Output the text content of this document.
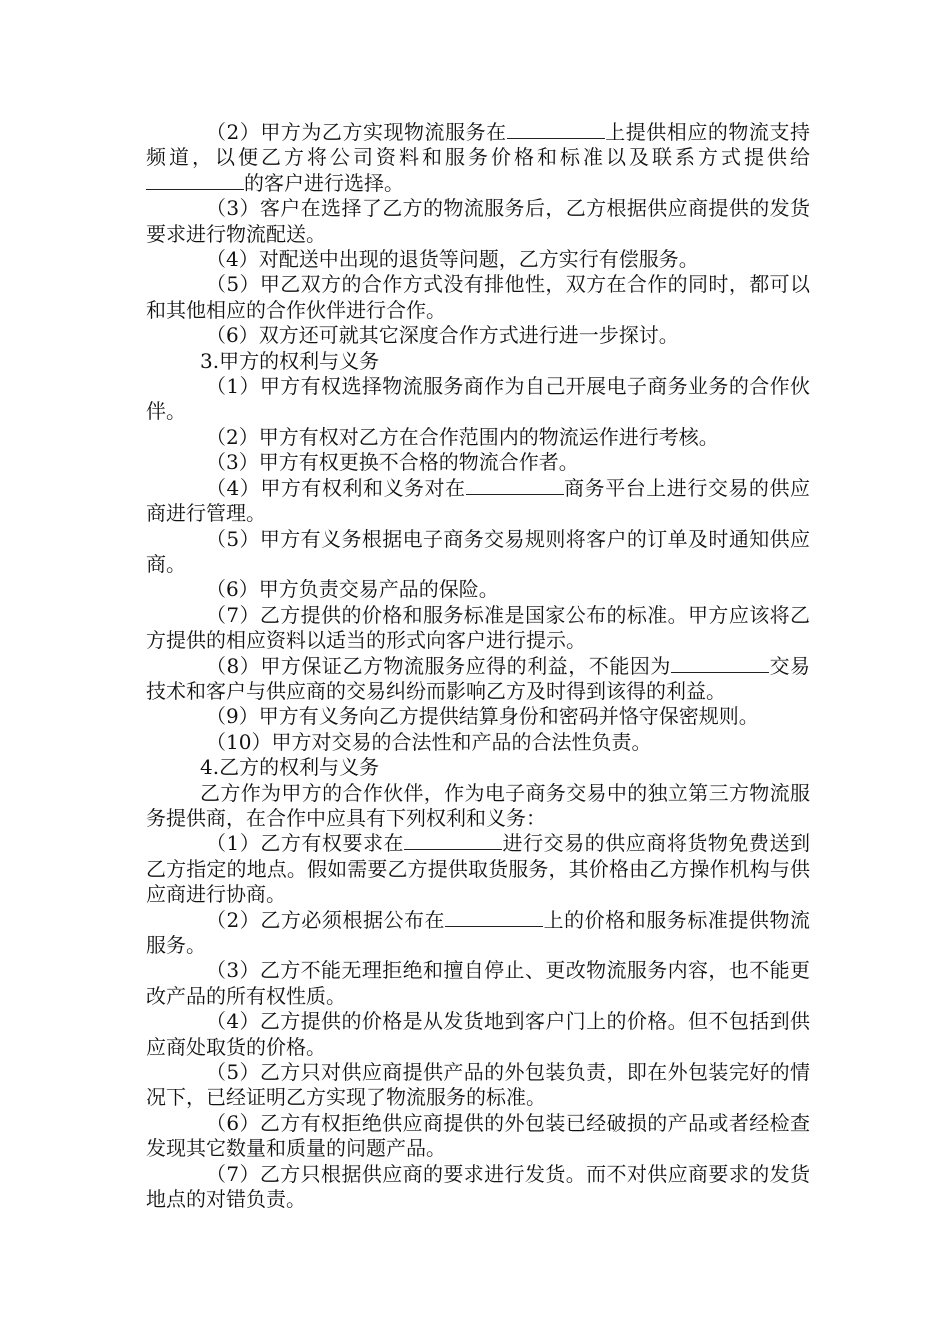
（2）甲方为乙方实现物流服务在	上提供相应的物流支持频道，以便乙方将公司资料和服务价格和标准以及联系方式提供给的客户进行选择。

（3）客户在选择了乙方的物流服务后，乙方根据供应商提供的发货要求进行物流配送。

（4）对配送中出现的退货等问题，乙方实行有偿服务。

（5）甲乙双方的合作方式没有排他性，双方在合作的同时，都可以和其他相应的合作伙伴进行合作。

（6）双方还可就其它深度合作方式进行进一步探讨。

3.甲方的权利与义务

（1）甲方有权选择物流服务商作为自己开展电子商务业务的合作伙伴。

（2）甲方有权对乙方在合作范围内的物流运作进行考核。

（3）甲方有权更换不合格的物流合作者。

（4）甲方有权利和义务对在	商务平台上进行交易的供应商进行管理。

（5）甲方有义务根据电子商务交易规则将客户的订单及时通知供应商。

（6）甲方负责交易产品的保险。

（7）乙方提供的价格和服务标准是国家公布的标准。甲方应该将乙方提供的相应资料以适当的形式向客户进行提示。

（8）甲方保证乙方物流服务应得的利益，不能因为	交易技术和客户与供应商的交易纠纷而影响乙方及时得到该得的利益。

（9）甲方有义务向乙方提供结算身份和密码并恪守保密规则。

（10）甲方对交易的合法性和产品的合法性负责。

4.乙方的权利与义务

乙方作为甲方的合作伙伴，作为电子商务交易中的独立第三方物流服务提供商，在合作中应具有下列权利和义务：

（1）乙方有权要求在	进行交易的供应商将货物免费送到乙方指定的地点。假如需要乙方提供取货服务，其价格由乙方操作机构与供应商进行协商。

（2）乙方必须根据公布在	上的价格和服务标准提供物流服务。

（3）乙方不能无理拒绝和擅自停止、更改物流服务内容，也不能更改产品的所有权性质。

（4）乙方提供的价格是从发货地到客户门上的价格。但不包括到供应商处取货的价格。

（5）乙方只对供应商提供产品的外包装负责，即在外包装完好的情况下，已经证明乙方实现了物流服务的标准。

（6）乙方有权拒绝供应商提供的外包装已经破损的产品或者经检查发现其它数量和质量的问题产品。

（7）乙方只根据供应商的要求进行发货。而不对供应商要求的发货地点的对错负责。
